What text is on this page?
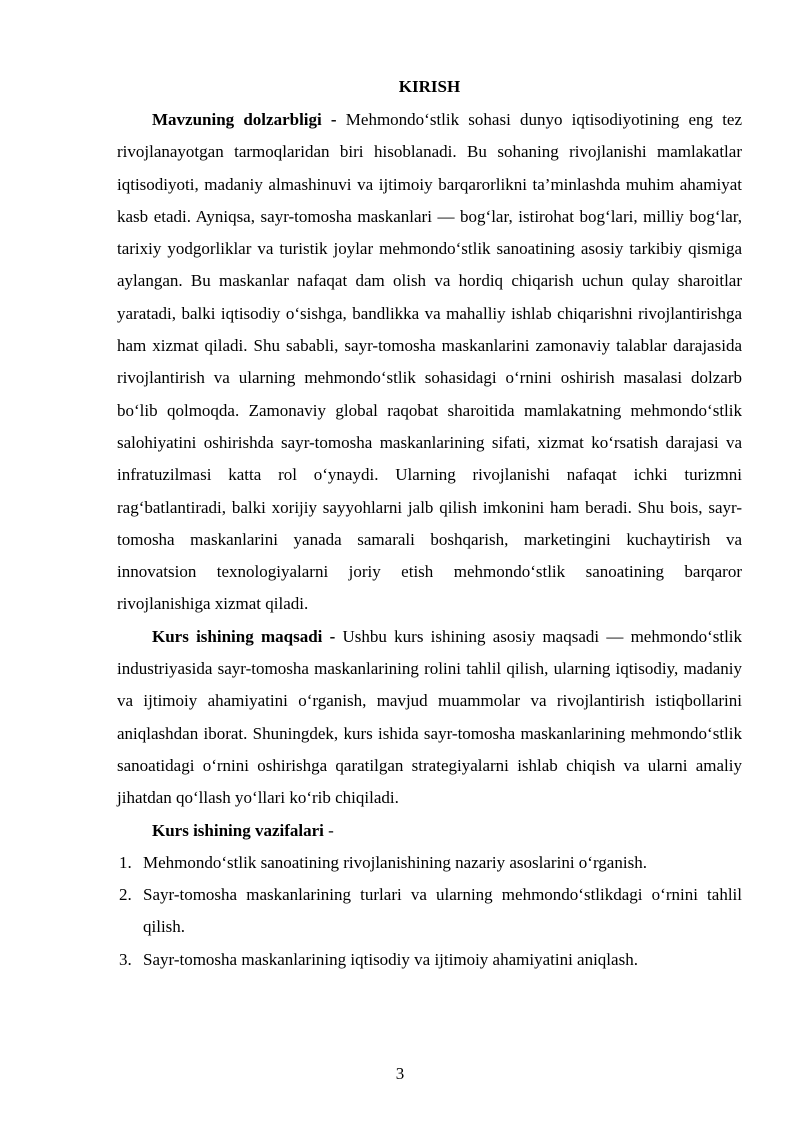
KIRISH

Mavzuning dolzarbligi - Mehmondo‘stlik sohasi dunyo iqtisodiyotining eng tez rivojlanayotgan tarmoqlaridan biri hisoblanadi. Bu sohaning rivojlanishi mamlakatlar iqtisodiyoti, madaniy almashinuvi va ijtimoiy barqarorlikni ta’minlashda muhim ahamiyat kasb etadi. Ayniqsa, sayr-tomosha maskanlari — bog‘lar, istirohat bog‘lari, milliy bog‘lar, tarixiy yodgorliklar va turistik joylar mehmondo‘stlik sanoatining asosiy tarkibiy qismiga aylangan. Bu maskanlar nafaqat dam olish va hordiq chiqarish uchun qulay sharoitlar yaratadi, balki iqtisodiy o‘sishga, bandlikka va mahalliy ishlab chiqarishni rivojlantirishga ham xizmat qiladi. Shu sababli, sayr-tomosha maskanlarini zamonaviy talablar darajasida rivojlantirish va ularning mehmondo‘stlik sohasidagi o‘rnini oshirish masalasi dolzarb bo‘lib qolmoqda. Zamonaviy global raqobat sharoitida mamlakatning mehmondo‘stlik salohiyatini oshirishda sayr-tomosha maskanlarining sifati, xizmat ko‘rsatish darajasi va infratuzilmasi katta rol o‘ynaydi. Ularning rivojlanishi nafaqat ichki turizmni rag‘batlantiradi, balki xorijiy sayyohlarni jalb qilish imkonini ham beradi. Shu bois, sayr-tomosha maskanlarini yanada samarali boshqarish, marketingini kuchaytirish va innovatsion texnologiyalarni joriy etish mehmondo‘stlik sanoatining barqaror rivojlanishiga xizmat qiladi.

Kurs ishining maqsadi - Ushbu kurs ishining asosiy maqsadi — mehmondo‘stlik industriyasida sayr-tomosha maskanlarining rolini tahlil qilish, ularning iqtisodiy, madaniy va ijtimoiy ahamiyatini o‘rganish, mavjud muammolar va rivojlantirish istiqbollarini aniqlashdan iborat. Shuningdek, kurs ishida sayr-tomosha maskanlarining mehmondo‘stlik sanoatidagi o‘rnini oshirishga qaratilgan strategiyalarni ishlab chiqish va ularni amaliy jihatdan qo‘llash yo‘llari ko‘rib chiqiladi.

Kurs ishining vazifalari -

1. Mehmondo‘stlik sanoatining rivojlanishining nazariy asoslarini o‘rganish.
2. Sayr-tomosha maskanlarining turlari va ularning mehmondo‘stlikdagi o‘rnini tahlil qilish.
3. Sayr-tomosha maskanlarining iqtisodiy va ijtimoiy ahamiyatini aniqlash.
3
